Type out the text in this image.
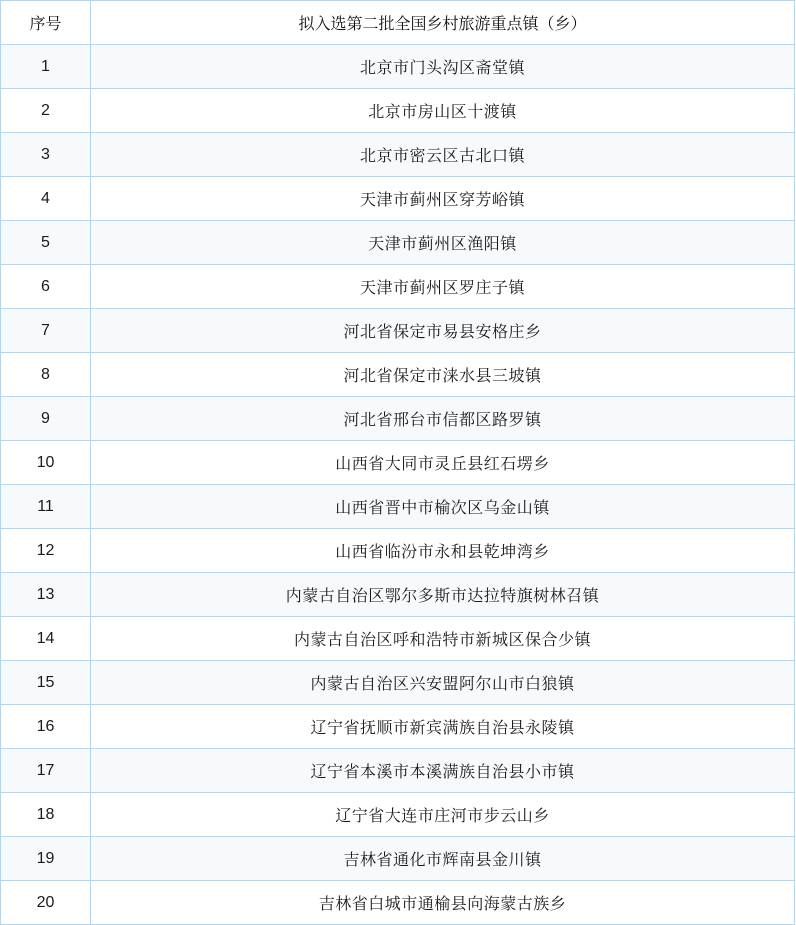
序号	拟入选第二批全国乡村旅游重点镇（乡）
1	北京市门头沟区斋堂镇
2	北京市房山区十渡镇
3	北京市密云区古北口镇
4	天津市蓟州区穿芳峪镇
5	天津市蓟州区渔阳镇
6	天津市蓟州区罗庄子镇
7	河北省保定市易县安格庄乡
8	河北省保定市涞水县三坡镇
9	河北省邢台市信都区路罗镇
10	山西省大同市灵丘县红石塄乡
11	山西省晋中市榆次区乌金山镇
12	山西省临汾市永和县乾坤湾乡
13	内蒙古自治区鄂尔多斯市达拉特旗树林召镇
14	内蒙古自治区呼和浩特市新城区保合少镇
15	内蒙古自治区兴安盟阿尔山市白狼镇
16	辽宁省抚顺市新宾满族自治县永陵镇
17	辽宁省本溪市本溪满族自治县小市镇
18	辽宁省大连市庄河市步云山乡
19	吉林省通化市辉南县金川镇
20	吉林省白城市通榆县向海蒙古族乡
